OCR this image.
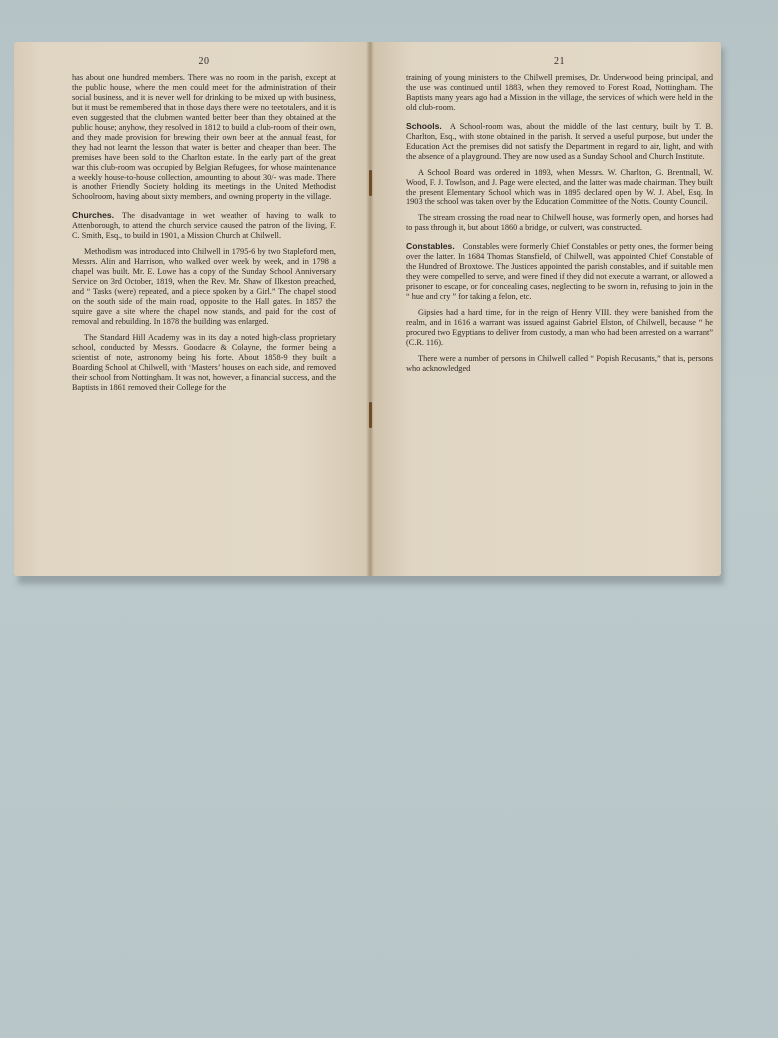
20

has about one hundred members. There was no room in the parish, except at the public house, where the men could meet for the administration of their social business, and it is never well for drinking to be mixed up with business, but it must be remembered that in those days there were no teetotalers, and it is even suggested that the clubmen wanted better beer than they obtained at the public house; anyhow, they resolved in 1812 to build a club-room of their own, and they made provision for brewing their own beer at the annual feast, for they had not learnt the lesson that water is better and cheaper than beer. The premises have been sold to the Charlton estate. In the early part of the great war this club-room was occupied by Belgian Refugees, for whose maintenance a weekly house-to-house collection, amounting to about 30/- was made. There is another Friendly Society holding its meetings in the United Methodist Schoolroom, having about sixty members, and owning property in the village.

Churches. The disadvantage in wet weather of having to walk to Attenborough, to attend the church service caused the patron of the living, F. C. Smith, Esq., to build in 1901, a Mission Church at Chilwell.

Methodism was introduced into Chilwell in 1795-6 by two Stapleford men, Messrs. Alin and Harrison, who walked over week by week, and in 1798 a chapel was built. Mr. E. Lowe has a copy of the Sunday School Anniversary Service on 3rd October, 1819, when the Rev. Mr. Shaw of Ilkeston preached, and “ Tasks (were) repeated, and a piece spoken by a Girl.” The chapel stood on the south side of the main road, opposite to the Hall gates. In 1857 the squire gave a site where the chapel now stands, and paid for the cost of removal and rebuilding. In 1878 the building was enlarged.

The Standard Hill Academy was in its day a noted high-class proprietary school, conducted by Messrs. Goodacre & Colayne, the former being a scientist of note, astronomy being his forte. About 1858-9 they built a Boarding School at Chilwell, with ‘Masters’ houses on each side, and removed their school from Nottingham. It was not, however, a financial success, and the Baptists in 1861 removed their College for the

21

training of young ministers to the Chilwell premises, Dr. Underwood being principal, and the use was continued until 1883, when they removed to Forest Road, Nottingham. The Baptists many years ago had a Mission in the village, the services of which were held in the old club-room.

Schools. A School-room was, about the middle of the last century, built by T. B. Charlton, Esq., with stone obtained in the parish. It served a useful purpose, but under the Education Act the premises did not satisfy the Department in regard to air, light, and with the absence of a playground. They are now used as a Sunday School and Church Institute.

A School Board was ordered in 1893, when Messrs. W. Charlton, G. Brentnall, W. Wood, F. J. Towlson, and J. Page were elected, and the latter was made chairman. They built the present Elementary School which was in 1895 declared open by W. J. Abel, Esq. In 1903 the school was taken over by the Education Committee of the Notts. County Council.

The stream crossing the road near to Chilwell house, was formerly open, and horses had to pass through it, but about 1860 a bridge, or culvert, was constructed.

Constables. Constables were formerly Chief Constables or petty ones, the former being over the latter. In 1684 Thomas Stansfield, of Chilwell, was appointed Chief Constable of the Hundred of Broxtowe. The Justices appointed the parish constables, and if suitable men they were compelled to serve, and were fined if they did not execute a warrant, or allowed a prisoner to escape, or for concealing cases, neglecting to be sworn in, refusing to join in the “ hue and cry ” for taking a felon, etc.

Gipsies had a hard time, for in the reign of Henry VIII. they were banished from the realm, and in 1616 a warrant was issued against Gabriel Elston, of Chilwell, because “ he procured two Egyptians to deliver from custody, a man who had been arrested on a warrant” (C.R. 116).

There were a number of persons in Chilwell called “ Popish Recusants,” that is, persons who acknowledged
